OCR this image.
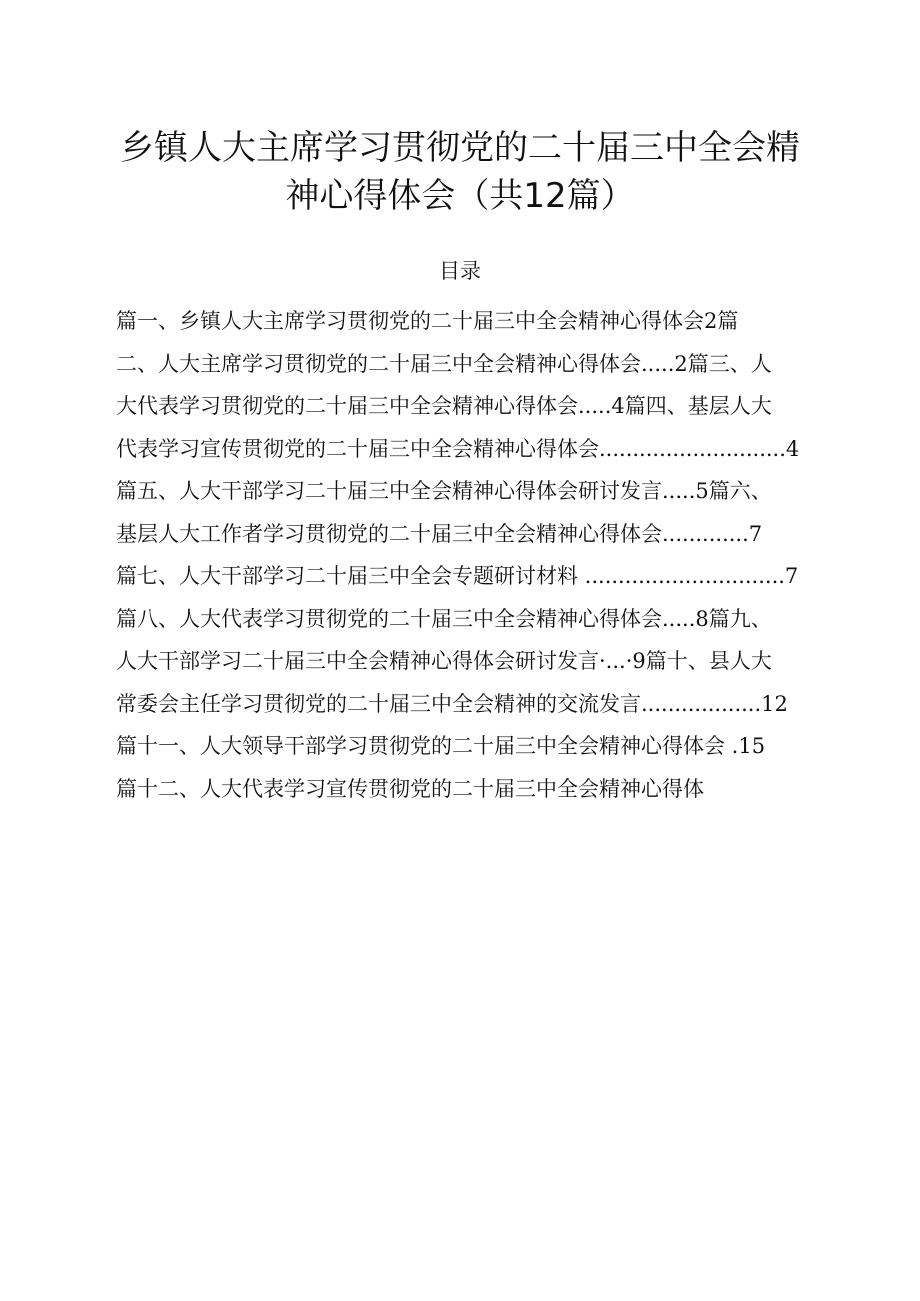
乡镇人大主席学习贯彻党的二十届三中全会精
神心得体会（共12篇）
目录
篇一、乡镇人大主席学习贯彻党的二十届三中全会精神心得体会2篇
二、人大主席学习贯彻党的二十届三中全会精神心得体会.....2篇三、人
大代表学习贯彻党的二十届三中全会精神心得体会.....4篇四、基层人大
代表学习宣传贯彻党的二十届三中全会精神心得体会............................4
篇五、人大干部学习二十届三中全会精神心得体会研讨发言.....5篇六、
基层人大工作者学习贯彻党的二十届三中全会精神心得体会.............7
篇七、人大干部学习二十届三中全会专题研讨材料 ..............................7
篇八、人大代表学习贯彻党的二十届三中全会精神心得体会.....8篇九、
人大干部学习二十届三中全会精神心得体会研讨发言·...·9篇十、县人大
常委会主任学习贯彻党的二十届三中全会精神的交流发言..................12
篇十一、人大领导干部学习贯彻党的二十届三中全会精神心得体会 .15
篇十二、人大代表学习宣传贯彻党的二十届三中全会精神心得体
